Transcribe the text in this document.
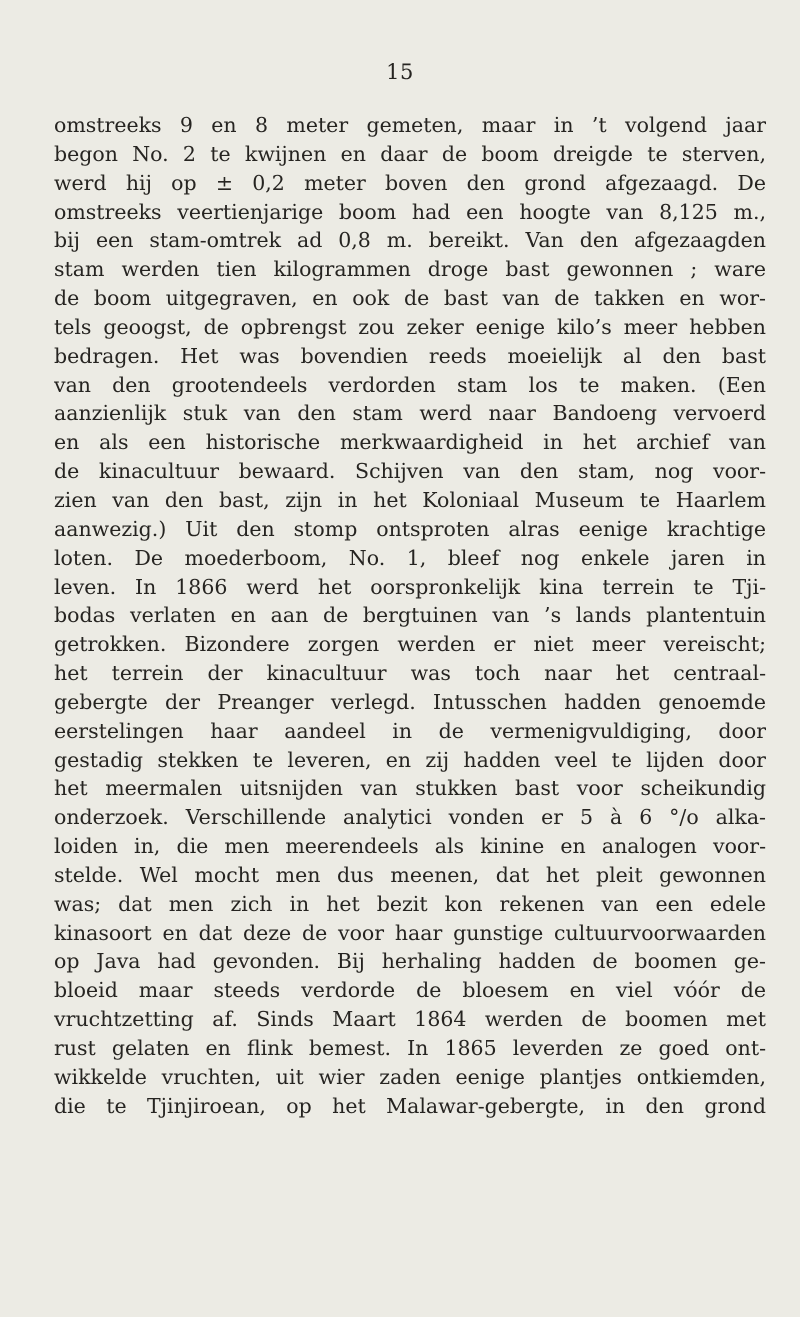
15
omstreeks 9 en 8 meter gemeten, maar in ’t volgend jaar
begon No. 2 te kwijnen en daar de boom dreigde te sterven,
werd hij op ± 0,2 meter boven den grond afgezaagd. De
omstreeks veertienjarige boom had een hoogte van 8,125 m.,
bij een stam-omtrek ad 0,8 m. bereikt. Van den afgezaagden
stam werden tien kilogrammen droge bast gewonnen ; ware
de boom uitgegraven, en ook de bast van de takken en wor-
tels geoogst, de opbrengst zou zeker eenige kilo’s meer hebben
bedragen. Het was bovendien reeds moeielijk al den bast
van den grootendeels verdorden stam los te maken. (Een
aanzienlijk stuk van den stam werd naar Bandoeng vervoerd
en als een historische merkwaardigheid in het archief van
de kinacultuur bewaard. Schijven van den stam, nog voor-
zien van den bast, zijn in het Koloniaal Museum te Haarlem
aanwezig.) Uit den stomp ontsproten alras eenige krachtige
loten. De moederboom, No. 1, bleef nog enkele jaren in
leven. In 1866 werd het oorspronkelijk kina terrein te Tji-
bodas verlaten en aan de bergtuinen van ’s lands plantentuin
getrokken. Bizondere zorgen werden er niet meer vereischt;
het terrein der kinacultuur was toch naar het centraal-
gebergte der Preanger verlegd. Intusschen hadden genoemde
eerstelingen haar aandeel in de vermenigvuldiging, door
gestadig stekken te leveren, en zij hadden veel te lijden door
het meermalen uitsnijden van stukken bast voor scheikundig
onderzoek. Verschillende analytici vonden er 5 à 6 °/o alka-
loiden in, die men meerendeels als kinine en analogen voor-
stelde. Wel mocht men dus meenen, dat het pleit gewonnen
was; dat men zich in het bezit kon rekenen van een edele
kinasoort en dat deze de voor haar gunstige cultuurvoorwaarden
op Java had gevonden. Bij herhaling hadden de boomen ge-
bloeid maar steeds verdorde de bloesem en viel vóór de
vruchtzetting af. Sinds Maart 1864 werden de boomen met
rust gelaten en flink bemest. In 1865 leverden ze goed ont-
wikkelde vruchten, uit wier zaden eenige plantjes ontkiemden,
die te Tjinjiroean, op het Malawar-gebergte, in den grond
